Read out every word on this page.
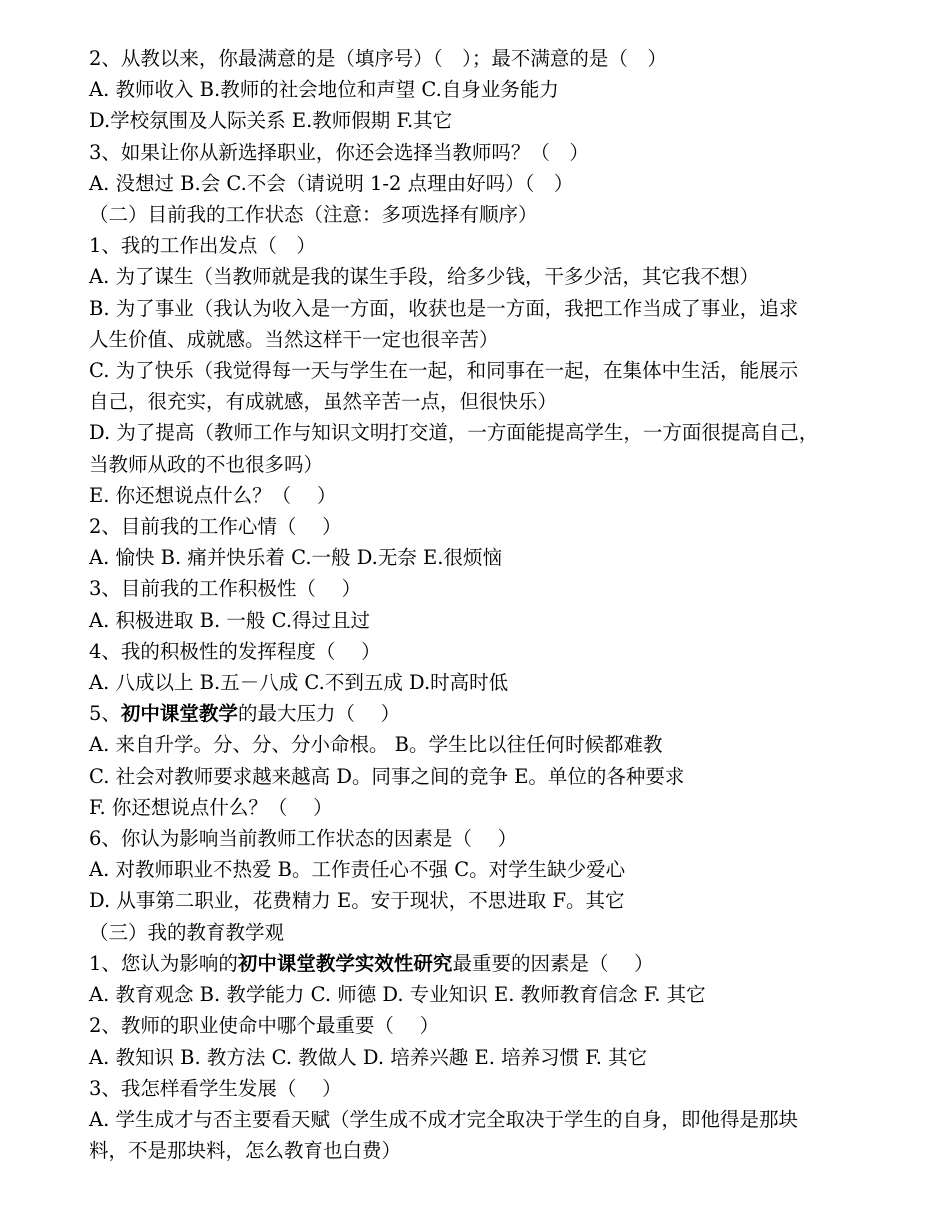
2、从教以来，你最满意的是（填序号）（　）；最不满意的是（　）

A. 教师收入 B.教师的社会地位和声望 C.自身业务能力

D.学校氛围及人际关系 E.教师假期 F.其它

3、如果让你从新选择职业，你还会选择当教师吗？（　）

A. 没想过 B.会 C.不会（请说明 1-2 点理由好吗）（　）

（二）目前我的工作状态（注意：多项选择有顺序）

1、我的工作出发点（　）

A. 为了谋生（当教师就是我的谋生手段，给多少钱，干多少活，其它我不想）

B. 为了事业（我认为收入是一方面，收获也是一方面，我把工作当成了事业，追求

人生价值、成就感。当然这样干一定也很辛苦）

C. 为了快乐（我觉得每一天与学生在一起，和同事在一起，在集体中生活，能展示

自己，很充实，有成就感，虽然辛苦一点，但很快乐）

D. 为了提高（教师工作与知识文明打交道，一方面能提高学生，一方面很提高自己，

当教师从政的不也很多吗）

E. 你还想说点什么？（　 ）

2、目前我的工作心情（　 ）

A. 愉快 B. 痛并快乐着 C.一般 D.无奈 E.很烦恼

3、目前我的工作积极性（　 ）

A. 积极进取 B. 一般 C.得过且过

4、我的积极性的发挥程度（　 ）

A. 八成以上 B.五－八成 C.不到五成 D.时高时低

5、初中课堂教学的最大压力（　 ）

A. 来自升学。分、分、分小命根。 B。学生比以往任何时候都难教

C. 社会对教师要求越来越高 D。同事之间的竞争 E。单位的各种要求

F. 你还想说点什么？（　 ）

6、你认为影响当前教师工作状态的因素是（　 ）

A. 对教师职业不热爱 B。工作责任心不强 C。对学生缺少爱心

D. 从事第二职业，花费精力 E。安于现状，不思进取 F。其它

（三）我的教育教学观

1、您认为影响的初中课堂教学实效性研究最重要的因素是（　 ）

A. 教育观念 B. 教学能力 C. 师德 D. 专业知识 E. 教师教育信念 F. 其它

2、教师的职业使命中哪个最重要（　 ）

A. 教知识 B. 教方法 C. 教做人 D. 培养兴趣 E. 培养习惯 F. 其它

3、我怎样看学生发展（　 ）

A. 学生成才与否主要看天赋（学生成不成才完全取决于学生的自身，即他得是那块

料，不是那块料，怎么教育也白费）
